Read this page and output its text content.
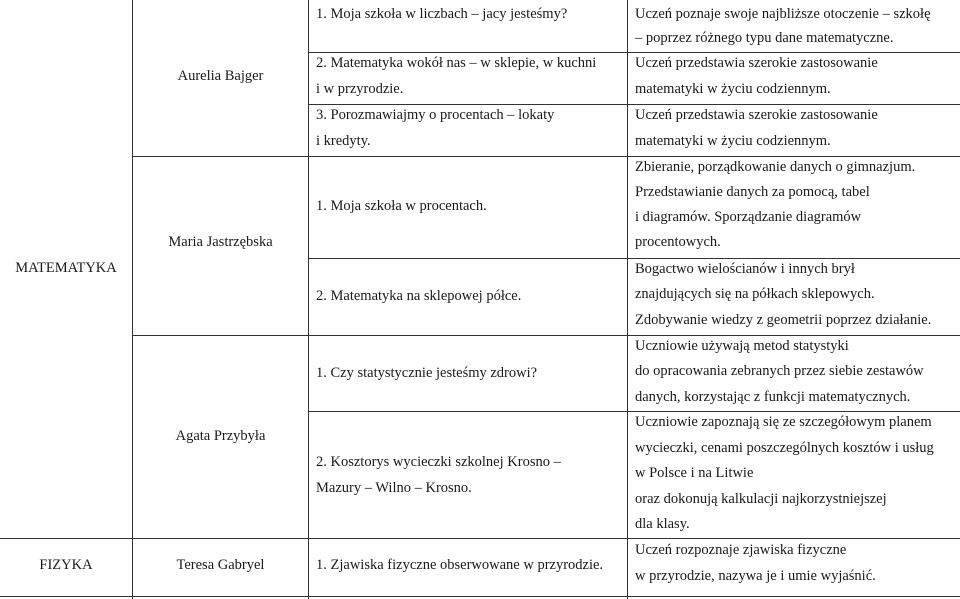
MATEMATYKA
FIZYKA
Aurelia Bajger
Maria Jastrzębska
Agata Przybyła
Teresa Gabryel
1. Moja szkoła w liczbach – jacy jesteśmy?
2. Matematyka wokół nas – w sklepie, w kuchni
i w przyrodzie.
3. Porozmawiajmy o procentach – lokaty
i kredyty.
1. Moja szkoła w procentach.
2. Matematyka na sklepowej półce.
1. Czy statystycznie jesteśmy zdrowi?
2. Kosztorys wycieczki szkolnej Krosno –
Mazury – Wilno – Krosno.
1. Zjawiska fizyczne obserwowane w przyrodzie.
Uczeń poznaje swoje najbliższe otoczenie – szkołę
– poprzez różnego typu dane matematyczne.
Uczeń przedstawia szerokie zastosowanie
matematyki w życiu codziennym.
Uczeń przedstawia szerokie zastosowanie
matematyki w życiu codziennym.
Zbieranie, porządkowanie danych o gimnazjum.
Przedstawianie danych za pomocą, tabel
i diagramów. Sporządzanie diagramów
procentowych.
Bogactwo wielościanów i innych brył
znajdujących się na półkach sklepowych.
Zdobywanie wiedzy z geometrii poprzez działanie.
Uczniowie używają metod statystyki
do opracowania zebranych przez siebie zestawów
danych, korzystając z funkcji matematycznych.
Uczniowie zapoznają się ze szczegółowym planem
wycieczki, cenami poszczególnych kosztów i usług
w Polsce i na Litwie
oraz dokonują kalkulacji najkorzystniejszej
dla klasy.
Uczeń rozpoznaje zjawiska fizyczne
w przyrodzie, nazywa je i umie wyjaśnić.
